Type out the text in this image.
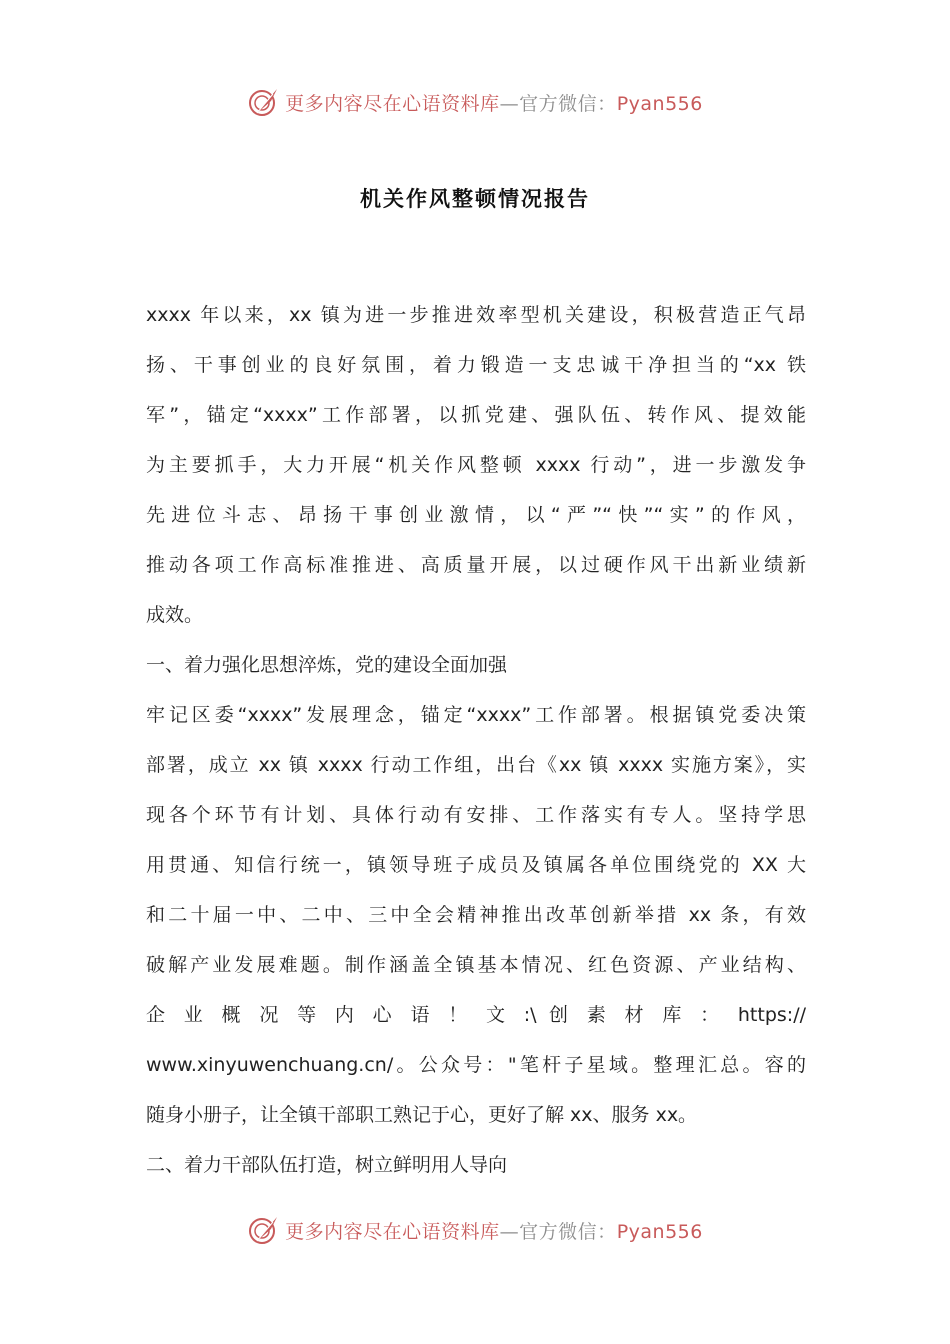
更多内容尽在心语资料库—官方微信：Pyan556
机关作风整顿情况报告
xxxx 年以来，xx 镇为进一步推进效率型机关建设，积极营造正气昂
扬、干事创业的良好氛围，着力锻造一支忠诚干净担当的“xx 铁
军”，锚定“xxxx”工作部署，以抓党建、强队伍、转作风、提效能
为主要抓手，大力开展“机关作风整顿 xxxx 行动”，进一步激发争
先进位斗志、昂扬干事创业激情，以“严”“快”“实”的作风，
推动各项工作高标准推进、高质量开展，以过硬作风干出新业绩新
成效。
一、着力强化思想淬炼，党的建设全面加强
牢记区委“xxxx”发展理念，锚定“xxxx”工作部署。根据镇党委决策
部署，成立 xx 镇 xxxx 行动工作组，出台《xx 镇 xxxx 实施方案》，实
现各个环节有计划、具体行动有安排、工作落实有专人。坚持学思
用贯通、知信行统一，镇领导班子成员及镇属各单位围绕党的 XX 大
和二十届一中、二中、三中全会精神推出改革创新举措 xx 条，有效
破解产业发展难题。制作涵盖全镇基本情况、红色资源、产业结构、
企 业 概 况 等 内 心 语 ！ 文 :\ 创 素 材 库 ： https://
www.xinyuwenchuang.cn/。公众号："笔杆子星域。整理汇总。容的
随身小册子，让全镇干部职工熟记于心，更好了解 xx、服务 xx。
二、着力干部队伍打造，树立鲜明用人导向
更多内容尽在心语资料库—官方微信：Pyan556
